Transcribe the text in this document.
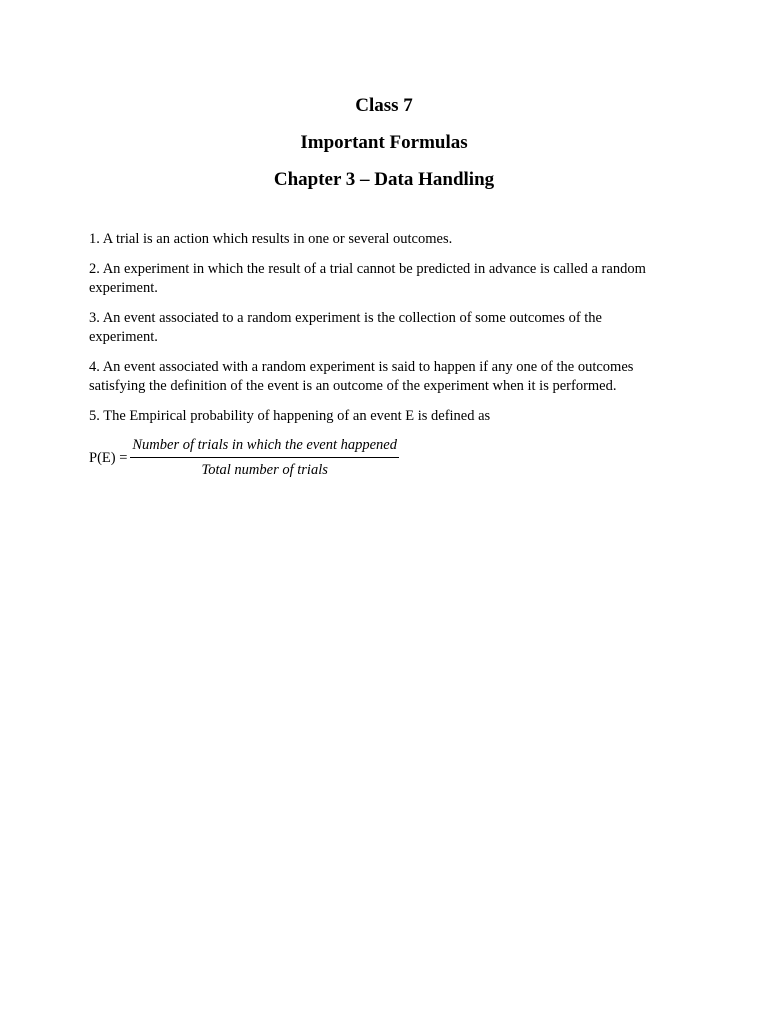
Class 7
Important Formulas
Chapter 3 – Data Handling
1. A trial is an action which results in one or several outcomes.
2. An experiment in which the result of a trial cannot be predicted in advance is called a random experiment.
3. An event associated to a random experiment is the collection of some outcomes of the experiment.
4. An event associated with a random experiment is said to happen if any one of the outcomes satisfying the definition of the event is an outcome of the experiment when it is performed.
5. The Empirical probability of happening of an event E is defined as
$P(E) = \frac{\text{Number of trials in which the event happened}}{\text{Total number of trials}}$
